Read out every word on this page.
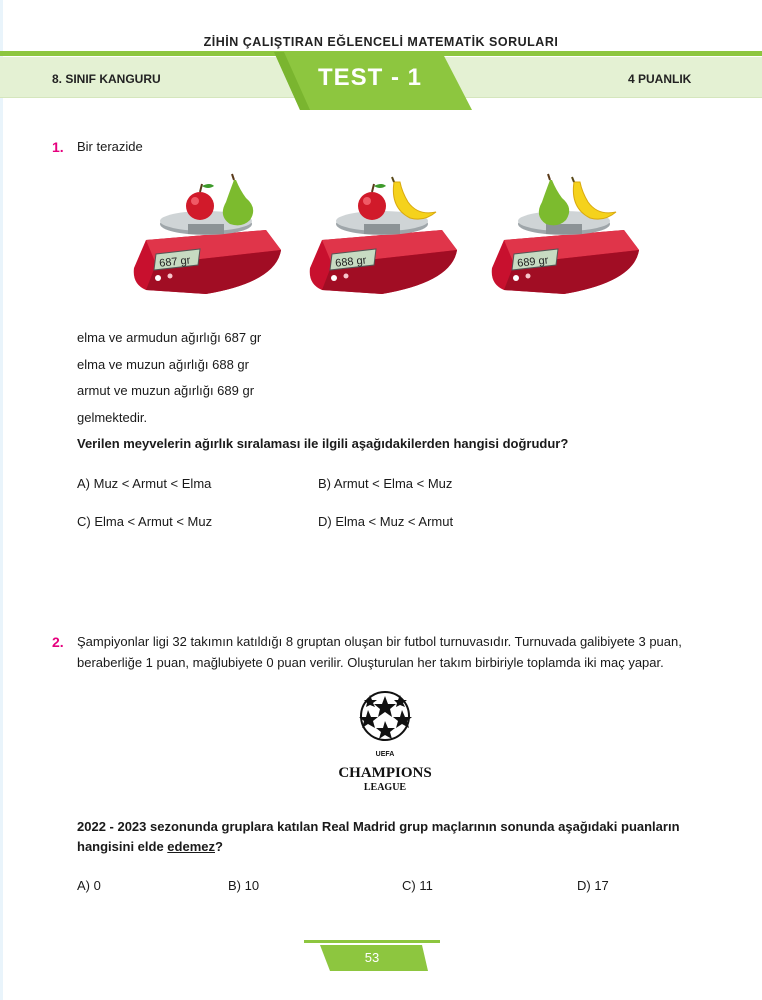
ZİHİN ÇALIŞTIRAN EĞLENCELİ MATEMATİK SORULARI
8. SINIF KANGURU	4 PUANLIK
TEST - 1
1. Bir terazide
687 gr	688 gr	689 gr
elma ve armudun ağırlığı 687 gr
elma ve muzun ağırlığı 688 gr
armut ve muzun ağırlığı 689 gr
gelmektedir.
Verilen meyvelerin ağırlık sıralaması ile ilgili aşağıdakilerden hangisi doğrudur?
A) Muz < Armut < Elma	B) Armut < Elma < Muz
C) Elma < Armut < Muz	D) Elma < Muz < Armut
2. Şampiyonlar ligi 32 takımın katıldığı 8 gruptan oluşan bir futbol turnuvasıdır. Turnuvada galibiyete 3 puan,
beraberliğe 1 puan, mağlubiyete 0 puan verilir. Oluşturulan her takım birbiriyle toplamda iki maç yapar.
UEFA
CHAMPIONS
LEAGUE
2022 - 2023 sezonunda gruplara katılan Real Madrid grup maçlarının sonunda aşağıdaki puanların
hangisini elde edemez?
A) 0	B) 10	C) 11	D) 17
53
